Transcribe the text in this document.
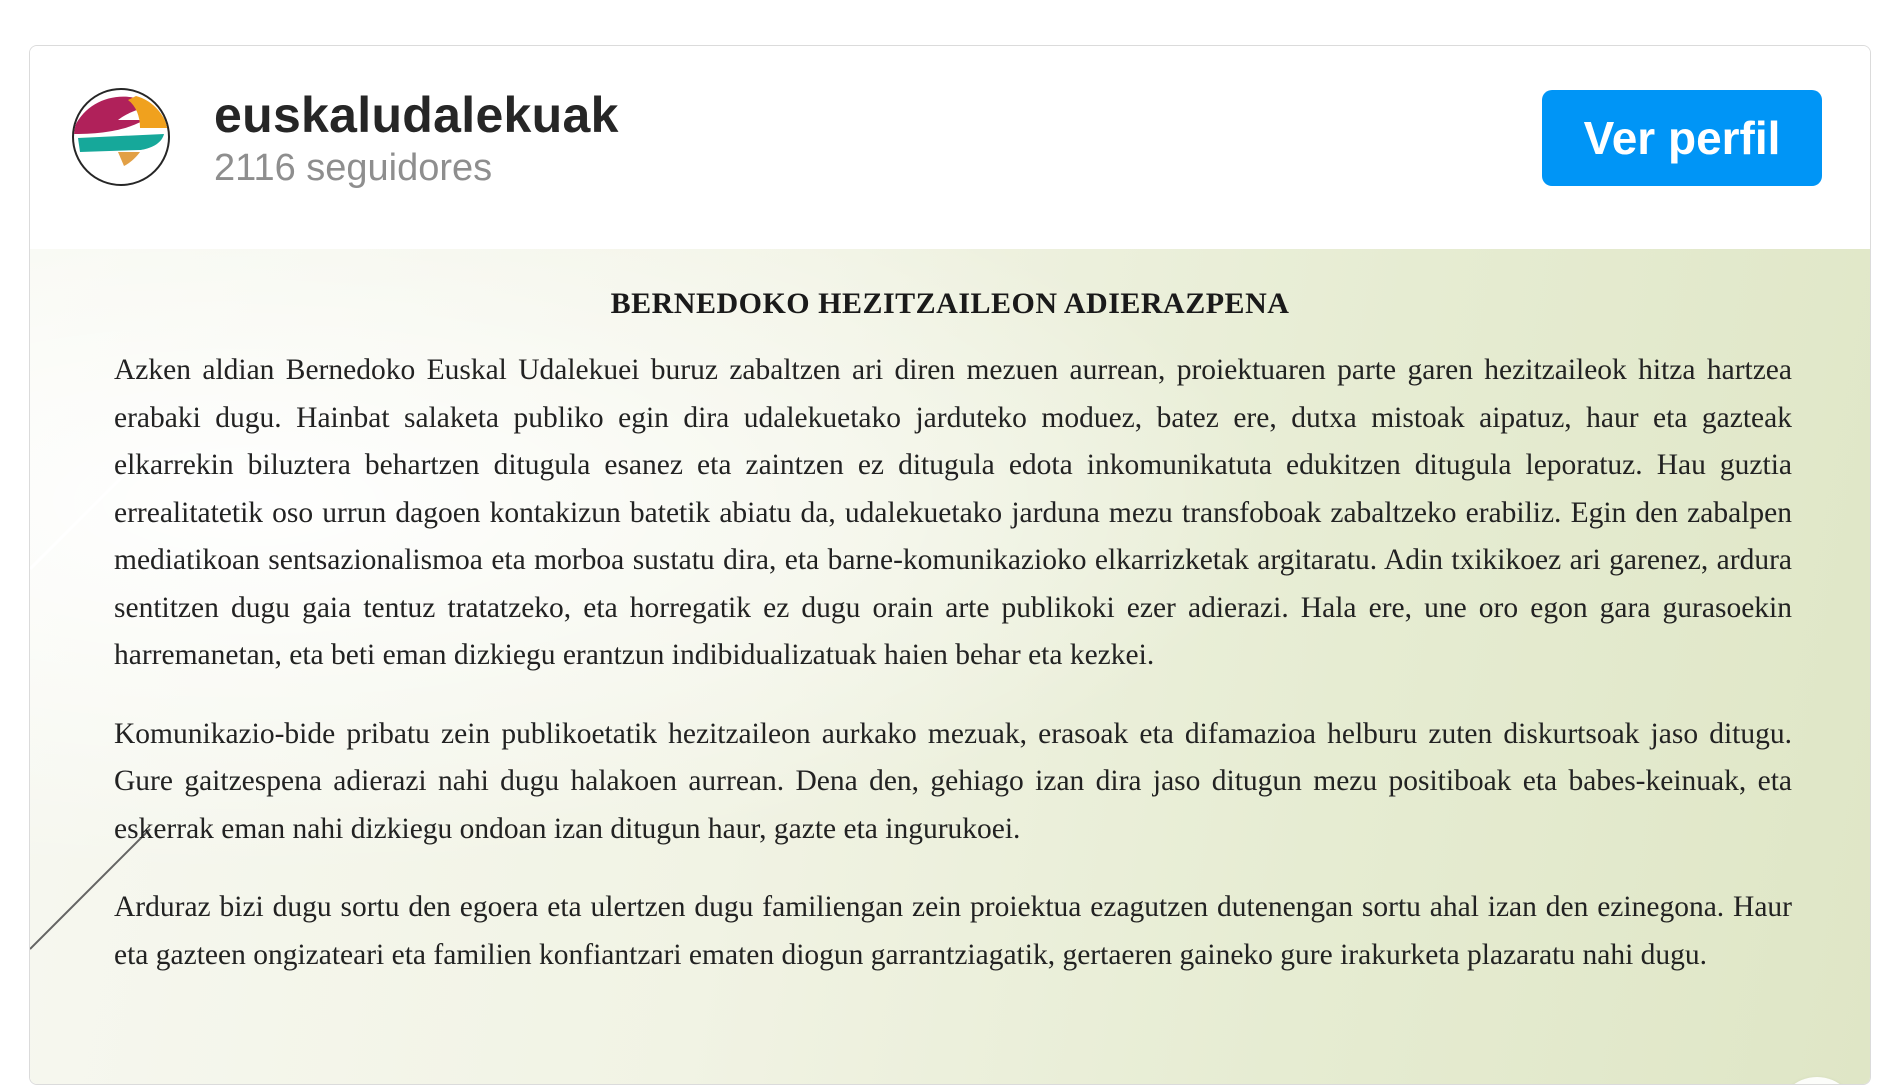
euskaludalekuak
2116 seguidores
Ver perfil
BERNEDOKO HEZITZAILEON ADIERAZPENA

Azken aldian Bernedoko Euskal Udalekuei buruz zabaltzen ari diren mezuen aurrean, proiektuaren parte garen hezitzaileok hitza hartzea erabaki dugu. Hainbat salaketa publiko egin dira udalekuetako jarduteko moduez, batez ere, dutxa mistoak aipatuz, haur eta gazteak elkarrekin biluztera behartzen ditugula esanez eta zaintzen ez ditugula edota inkomunikatuta edukitzen ditugula leporatuz. Hau guztia errealitatetik oso urrun dagoen kontakizun batetik abiatu da, udalekuetako jarduna mezu transfoboak zabaltzeko erabiliz. Egin den zabalpen mediatikoan sentsazionalismoa eta morboa sustatu dira, eta barne-komunikazioko elkarrizketak argitaratu. Adin txikikoez ari garenez, ardura sentitzen dugu gaia tentuz tratatzeko, eta horregatik ez dugu orain arte publikoki ezer adierazi. Hala ere, une oro egon gara gurasoekin harremanetan, eta beti eman dizkiegu erantzun indibidualizatuak haien behar eta kezkei.

Komunikazio-bide pribatu zein publikoetatik hezitzaileon aurkako mezuak, erasoak eta difamazioa helburu zuten diskurtsoak jaso ditugu. Gure gaitzespena adierazi nahi dugu halakoen aurrean. Dena den, gehiago izan dira jaso ditugun mezu positiboak eta babes-keinuak, eta eskerrak eman nahi dizkiegu ondoan izan ditugun haur, gazte eta ingurukoei.

Arduraz bizi dugu sortu den egoera eta ulertzen dugu familiengan zein proiektua ezagutzen dutenengan sortu ahal izan den ezinegona. Haur eta gazteen ongizateari eta familien konfiantzari ematen diogun garrantziagatik, gertaeren gaineko gure irakurketa plazaratu nahi dugu.
